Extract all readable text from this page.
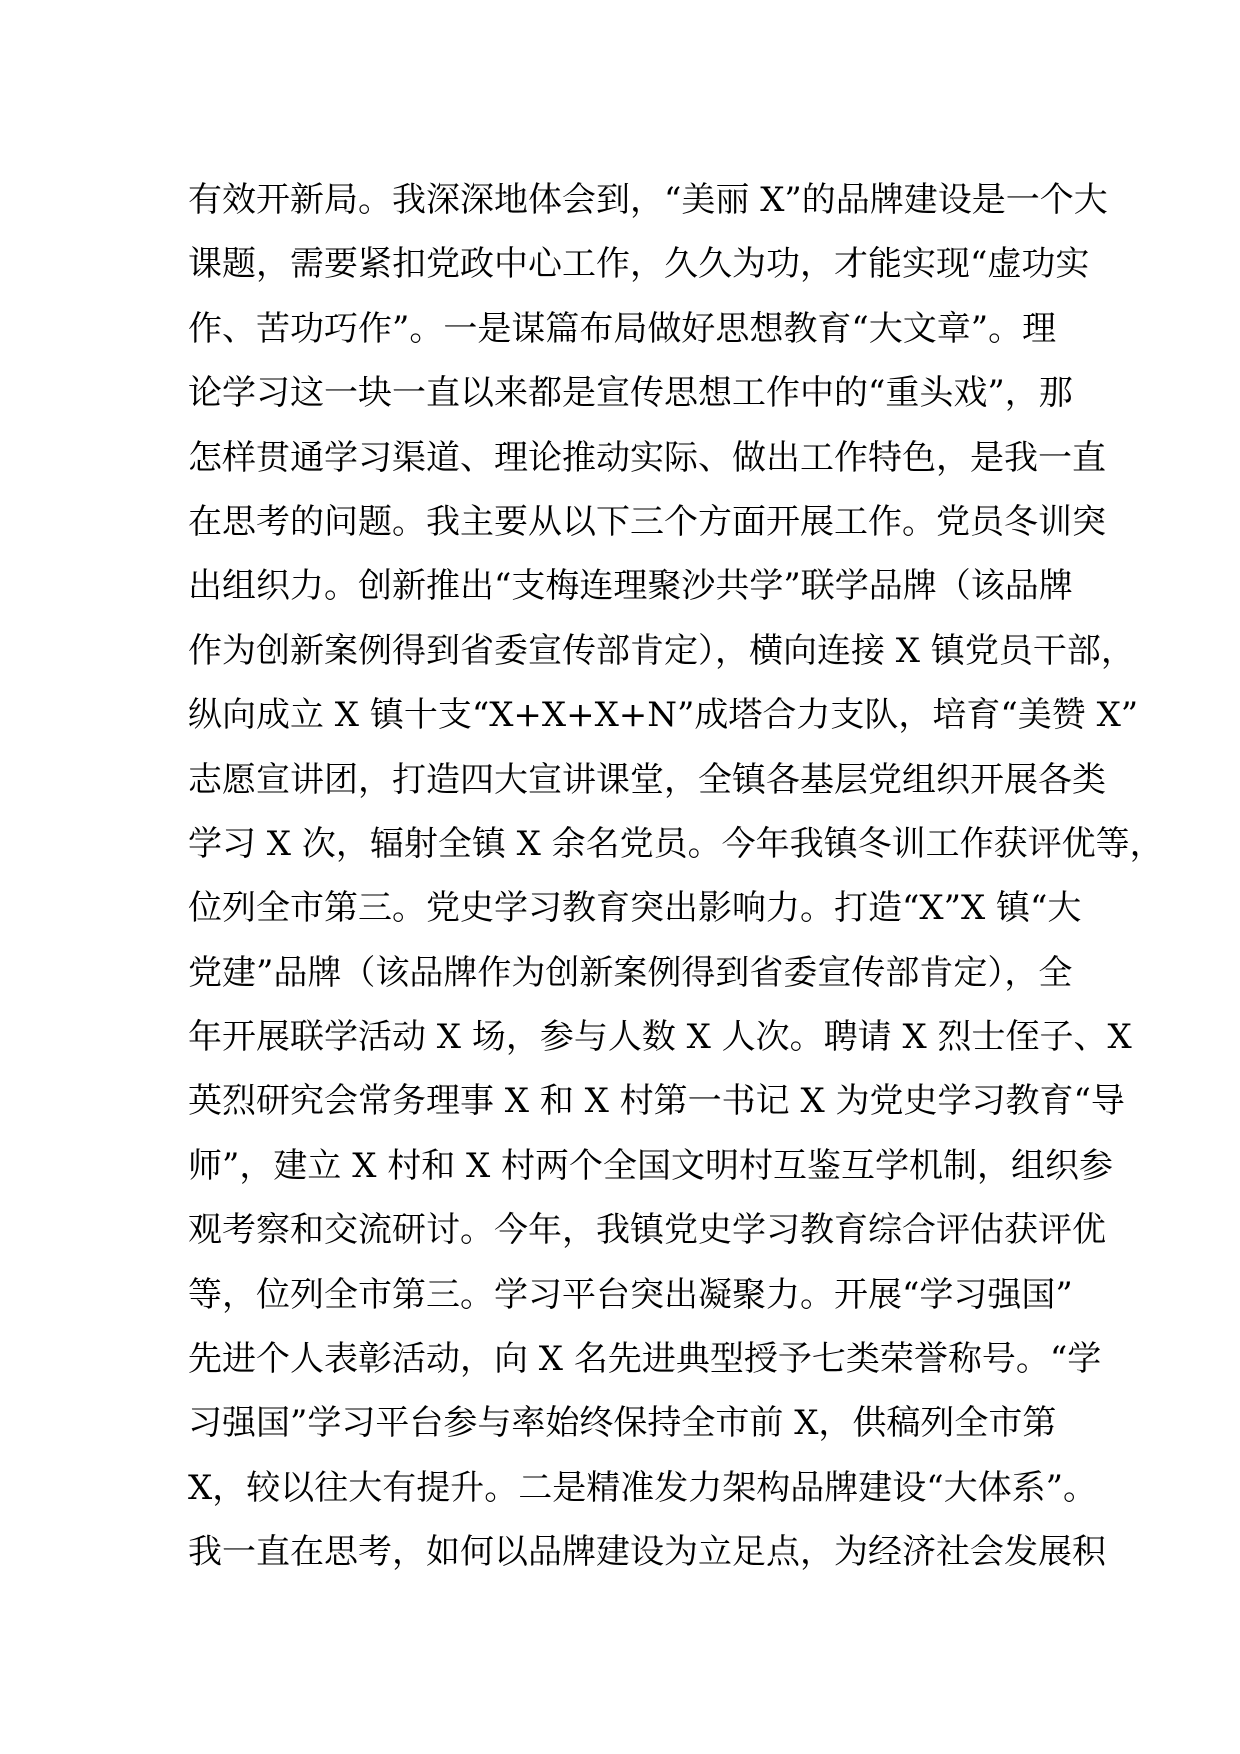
有效开新局。我深深地体会到，“美丽 X”的品牌建设是一个大
课题，需要紧扣党政中心工作，久久为功，才能实现“虚功实
作、苦功巧作”。一是谋篇布局做好思想教育“大文章”。理
论学习这一块一直以来都是宣传思想工作中的“重头戏”，那
怎样贯通学习渠道、理论推动实际、做出工作特色，是我一直
在思考的问题。我主要从以下三个方面开展工作。党员冬训突
出组织力。创新推出“支梅连理聚沙共学”联学品牌（该品牌
作为创新案例得到省委宣传部肯定），横向连接 X 镇党员干部，
纵向成立 X 镇十支“X+X+X+N”成塔合力支队，培育“美赞 X”
志愿宣讲团，打造四大宣讲课堂，全镇各基层党组织开展各类
学习 X 次，辐射全镇 X 余名党员。今年我镇冬训工作获评优等，
位列全市第三。党史学习教育突出影响力。打造“X”X 镇“大
党建”品牌（该品牌作为创新案例得到省委宣传部肯定），全
年开展联学活动 X 场，参与人数 X 人次。聘请 X 烈士侄子、X
英烈研究会常务理事 X 和 X 村第一书记 X 为党史学习教育“导
师”，建立 X 村和 X 村两个全国文明村互鉴互学机制，组织参
观考察和交流研讨。今年，我镇党史学习教育综合评估获评优
等，位列全市第三。学习平台突出凝聚力。开展“学习强国”
先进个人表彰活动，向 X 名先进典型授予七类荣誉称号。“学
习强国”学习平台参与率始终保持全市前 X，供稿列全市第
X，较以往大有提升。二是精准发力架构品牌建设“大体系”。
我一直在思考，如何以品牌建设为立足点，为经济社会发展积
